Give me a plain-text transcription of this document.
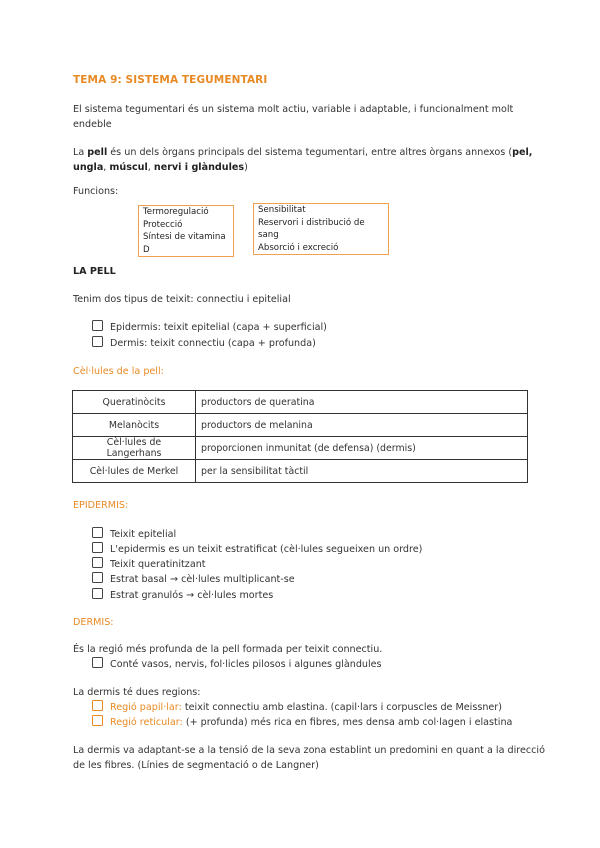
TEMA 9: SISTEMA TEGUMENTARI
El sistema tegumentari és un sistema molt actiu, variable i adaptable, i funcionalment molt
endeble
La pell és un dels òrgans principals del sistema tegumentari, entre altres òrgans annexos (pel,
ungla, múscul, nervi i glàndules)
Funcions:
Termoregulació
Protecció
Síntesi de vitamina D
Sensibilitat
Reservori i distribució de sang
Absorció i excreció
LA PELL
Tenim dos tipus de teixit: connectiu i epitelial
Epidermis: teixit epitelial (capa + superficial)
Dermis: teixit connectiu (capa + profunda)
Cèl·lules de la pell:
Queratinòcits	productors de queratina
Melanòcits	productors de melanina
Cèl·lules de Langerhans	proporcionen inmunitat (de defensa) (dermis)
Cèl·lules de Merkel	per la sensibilitat tàctil
EPIDERMIS:
Teixit epitelial
L'epidermis es un teixit estratificat (cèl·lules segueixen un ordre)
Teixit queratinitzant
Estrat basal → cèl·lules multiplicant-se
Estrat granulós → cèl·lules mortes
DERMIS:
És la regió més profunda de la pell formada per teixit connectiu.
Conté vasos, nervis, fol·licles pilosos i algunes glàndules
La dermis té dues regions:
Regió papil·lar: teixit connectiu amb elastina. (capil·lars i corpuscles de Meissner)
Regió reticular: (+ profunda) més rica en fibres, mes densa amb col·lagen i elastina
La dermis va adaptant-se a la tensió de la seva zona establint un predomini en quant a la direcció
de les fibres. (Línies de segmentació o de Langner)
